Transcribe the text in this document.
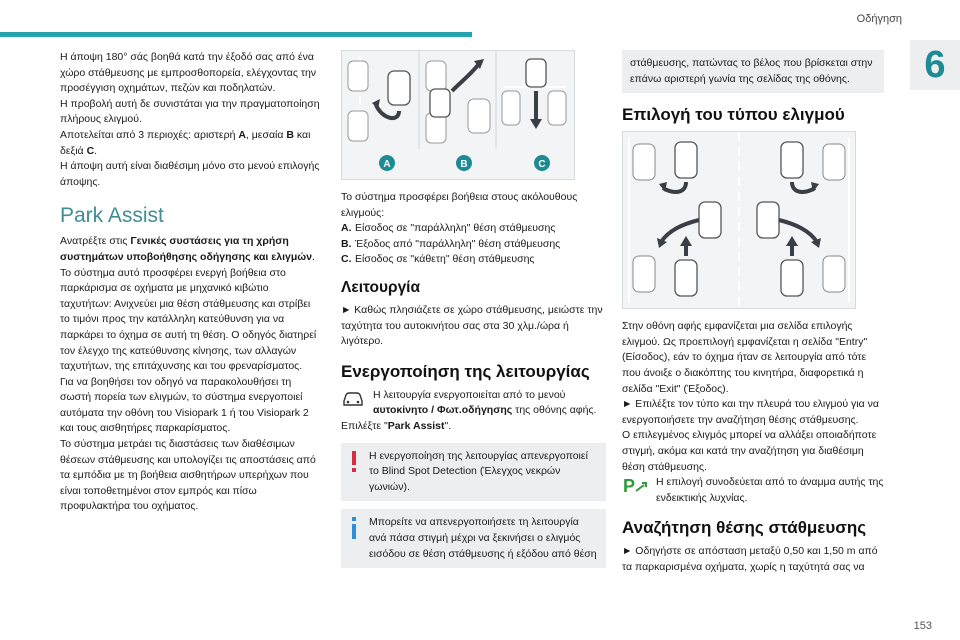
Οδήγηση
6
153

Η άποψη 180° σάς βοηθά κατά την έξοδό σας από ένα χώρο στάθμευσης με εμπροσθοπορεία, ελέγχοντας την προσέγγιση οχημάτων, πεζών και ποδηλατών.

Η προβολή αυτή δε συνιστάται για την πραγματοποίηση πλήρους ελιγμού.

Αποτελείται από 3 περιοχές: αριστερή A, μεσαία B και δεξιά C.

Η άποψη αυτή είναι διαθέσιμη μόνο στο μενού επιλογής άποψης.

Park Assist

Ανατρέξτε στις Γενικές συστάσεις για τη χρήση συστημάτων υποβοήθησης οδήγησης και ελιγμών.

Το σύστημα αυτό προσφέρει ενεργή βοήθεια στο παρκάρισμα σε οχήματα με μηχανικό κιβώτιο ταχυτήτων: Ανιχνεύει μια θέση στάθμευσης και στρίβει το τιμόνι προς την κατάλληλη κατεύθυνση για να παρκάρει το όχημα σε αυτή τη θέση. Ο οδηγός διατηρεί τον έλεγχο της κατεύθυνσης κίνησης, των αλλαγών ταχυτήτων, της επιτάχυνσης και του φρεναρίσματος.

Για να βοηθήσει τον οδηγό να παρακολουθήσει τη σωστή πορεία των ελιγμών, το σύστημα ενεργοποιεί αυτόματα την οθόνη του Visiopark 1 ή του Visiopark 2 και τους αισθητήρες παρκαρίσματος.

Το σύστημα μετράει τις διαστάσεις των διαθέσιμων θέσεων στάθμευσης και υπολογίζει τις αποστάσεις από τα εμπόδια με τη βοήθεια αισθητήρων υπερήχων που είναι τοποθετημένοι στον εμπρός και πίσω προφυλακτήρα του οχήματος.

A	B	C

Το σύστημα προσφέρει βοήθεια στους ακόλουθους ελιγμούς:

A. Είσοδος σε "παράλληλη" θέση στάθμευσης
B. Έξοδος από "παράλληλη" θέση στάθμευσης
C. Είσοδος σε "κάθετη" θέση στάθμευσης
Λειτουργία

► Καθώς πλησιάζετε σε χώρο στάθμευσης, μειώστε την ταχύτητα του αυτοκινήτου σας στα 30 χλμ./ώρα ή λιγότερο.

Ενεργοποίηση της λειτουργίας

Η λειτουργία ενεργοποιείται από το μενού αυτοκίνητο / Φωτ.οδήγησης της οθόνης αφής.

Επιλέξτε "Park Assist".

Η ενεργοποίηση της λειτουργίας απενεργοποιεί το Blind Spot Detection (Έλεγχος νεκρών γωνιών).

Μπορείτε να απενεργοποιήσετε τη λειτουργία ανά πάσα στιγμή μέχρι να ξεκινήσει ο ελιγμός εισόδου σε θέση στάθμευσης ή εξόδου από θέση

στάθμευσης, πατώντας το βέλος που βρίσκεται στην επάνω αριστερή γωνία της σελίδας της οθόνης.

Επιλογή του τύπου ελιγμού

Στην οθόνη αφής εμφανίζεται μια σελίδα επιλογής ελιγμού. Ως προεπιλογή εμφανίζεται η σελίδα "Entry" (Είσοδος), εάν το όχημα ήταν σε λειτουργία από τότε που άνοιξε ο διακόπτης του κινητήρα, διαφορετικά η σελίδα "Exit" (Έξοδος).

► Επιλέξτε τον τύπο και την πλευρά του ελιγμού για να ενεργοποιήσετε την αναζήτηση θέσης στάθμευσης.

Ο επιλεγμένος ελιγμός μπορεί να αλλάξει οποιαδήποτε στιγμή, ακόμα και κατά την αναζήτηση για διαθέσιμη θέση στάθμευσης.

P Η επιλογή συνοδεύεται από το άναμμα αυτής της ενδεικτικής λυχνίας.

Αναζήτηση θέσης στάθμευσης

► Οδηγήστε σε απόσταση μεταξύ 0,50 και 1,50 m από τα παρκαρισμένα οχήματα, χωρίς η ταχύτητά σας να
